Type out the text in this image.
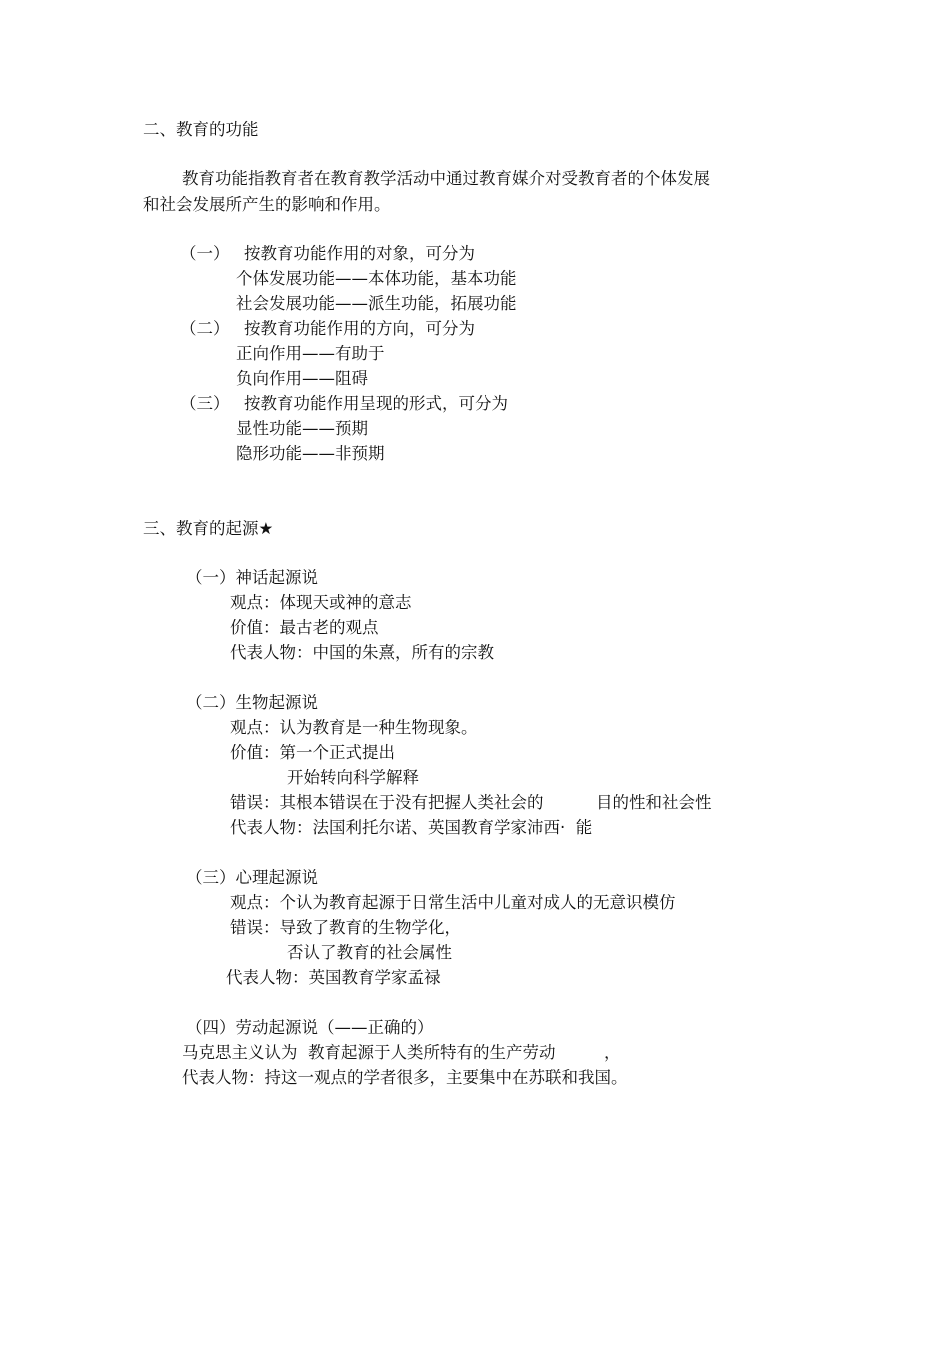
二、教育的功能
教育功能指教育者在教育教学活动中通过教育媒介对受教育者的个体发展
和社会发展所产生的影响和作用。
（一） 按教育功能作用的对象，可分为
个体发展功能——本体功能，基本功能
社会发展功能——派生功能，拓展功能
（二） 按教育功能作用的方向，可分为
正向作用——有助于
负向作用——阻碍
（三） 按教育功能作用呈现的形式，可分为
显性功能——预期
隐形功能——非预期
三、教育的起源★
（一）神话起源说
观点：体现天或神的意志
价值：最古老的观点
代表人物：中国的朱熹，所有的宗教
（二）生物起源说
观点：认为教育是一种生物现象。
价值：第一个正式提出
开始转向科学解释
错误：其根本错误在于没有把握人类社会的	目的性和社会性
代表人物：法国利托尔诺、英国教育学家沛西·  能
（三）心理起源说
观点：个认为教育起源于日常生活中儿童对成人的无意识模仿
错误：导致了教育的生物学化，
否认了教育的社会属性
代表人物：英国教育学家孟禄
（四）劳动起源说（——正确的）
马克思主义认为  教育起源于人类所特有的生产劳动	，
代表人物：持这一观点的学者很多，主要集中在苏联和我国。
